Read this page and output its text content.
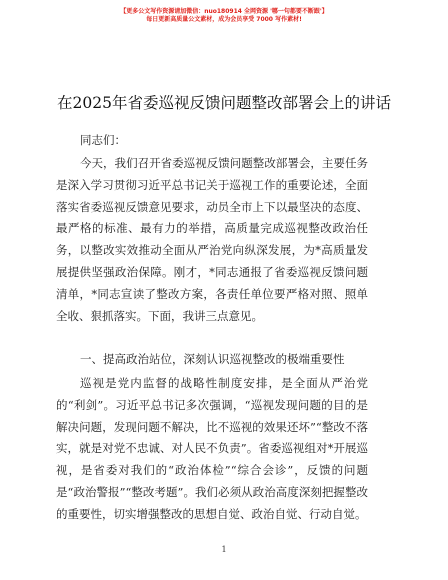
【更多公文写作资源请加微信：nuo180914 全网资源 '哪一句都要不断跟'】
每日更新高质量公文素材，成为会员享受 7000 写作素材!
在2025年省委巡视反馈问题整改部署会上的讲话

同志们：

今天，我们召开省委巡视反馈问题整改部署会，主要任务是深入学习贯彻习近平总书记关于巡视工作的重要论述，全面落实省委巡视反馈意见要求，动员全市上下以最坚决的态度、最严格的标准、最有力的举措，高质量完成巡视整改政治任务，以整改实效推动全面从严治党向纵深发展，为*高质量发展提供坚强政治保障。刚才，*同志通报了省委巡视反馈问题清单，*同志宣读了整改方案，各责任单位要严格对照、照单全收、狠抓落实。下面，我讲三点意见。

一、提高政治站位，深刻认识巡视整改的极端重要性

巡视是党内监督的战略性制度安排，是全面从严治党的“利剑”。习近平总书记多次强调，“巡视发现问题的目的是解决问题，发现问题不解决，比不巡视的效果还坏”“整改不落实，就是对党不忠诚、对人民不负责”。省委巡视组对*开展巡视，是省委对我们的“政治体检”“综合会诊”，反馈的问题是“政治警报”“整改考题”。我们必须从政治高度深刻把握整改的重要性，切实增强整改的思想自觉、政治自觉、行动自觉。

1
